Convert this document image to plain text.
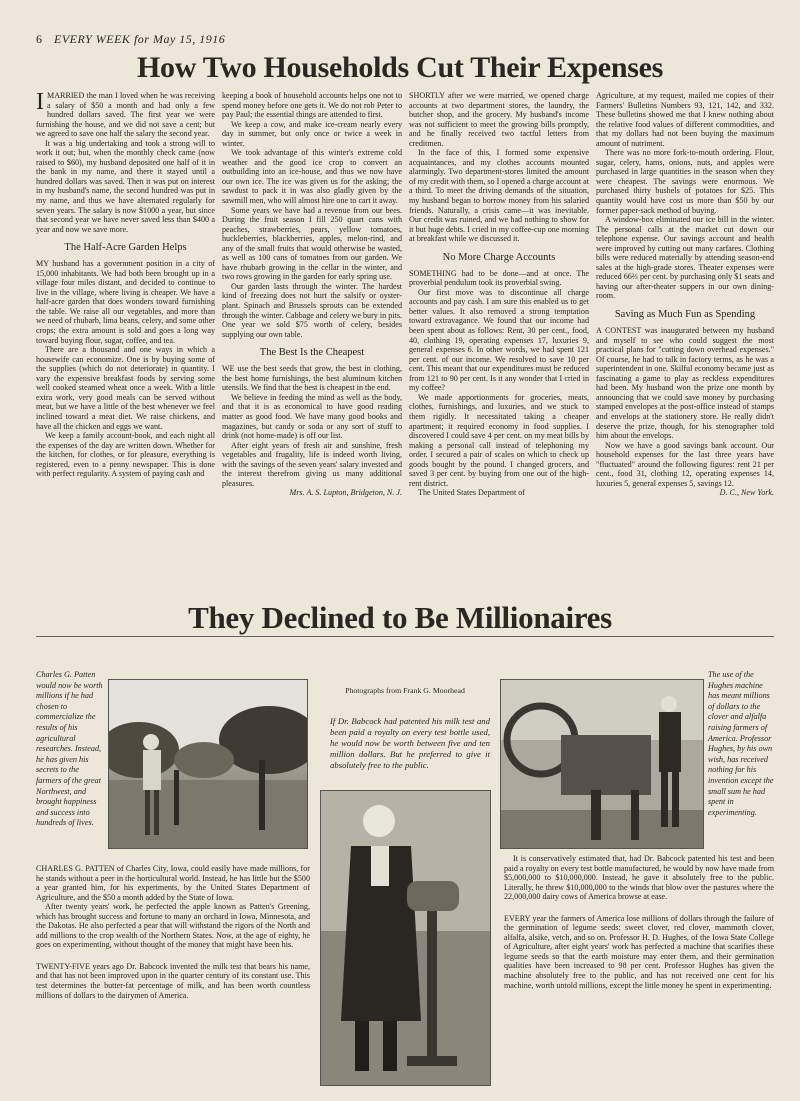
6 EVERY WEEK for May 15, 1916
How Two Households Cut Their Expenses

IMARRIED the man I loved when he was receiving a salary of $50 a month and had only a few hundred dollars saved. The first year we were furnishing the house, and we did not save a cent; but we agreed to save one half the salary the second year.

It was a big undertaking and took a strong will to work it out; but, when the monthly check came (now raised to $60), my husband deposited one half of it in the bank in my name, and there it stayed until a hundred dollars was saved. Then it was put on interest in my husband's name, the second hundred was put in my name, and thus we have alternated regularly for seven years. The salary is now $1000 a year, but since that second year we have never saved less than $400 a year and now we save more.

The Half-Acre Garden Helps

MY husband has a government position in a city of 15,000 inhabitants. We had both been brought up in a village four miles distant, and decided to continue to live in the village, where living is cheaper. We have a half-acre garden that does wonders toward furnishing the table. We raise all our vegetables, and more than we need of rhubarb, lima beans, celery, and some other crops; the extra amount is sold and goes a long way toward buying flour, sugar, coffee, and tea.

There are a thousand and one ways in which a housewife can economize. One is by buying some of the supplies (which do not deteriorate) in quantity. I vary the expensive breakfast foods by serving some well cooked steamed wheat once a week. With a little extra work, very good meals can be served without meat, but we have a little of the best whenever we feel inclined toward a meat diet. We raise chickens, and have all the chicken and eggs we want.

We keep a family account-book, and each night all the expenses of the day are written down. Whether for the kitchen, for clothes, or for pleasure, everything is registered, even to a penny newspaper. This is done with perfect regularity. A system of paying cash and

keeping a book of household accounts helps one not to spend money before one gets it. We do not rob Peter to pay Paul; the essential things are attended to first.

We keep a cow, and make ice-cream nearly every day in summer, but only once or twice a week in winter.

We took advantage of this winter's extreme cold weather and the good ice crop to convert an outbuilding into an ice-house, and thus we now have our own ice. The ice was given us for the asking; the sawdust to pack it in was also gladly given by the sawmill men, who will almost hire one to cart it away.

Some years we have had a revenue from our bees. During the fruit season I fill 250 quart cans with peaches, strawberries, pears, yellow tomatoes, huckleberries, blackberries, apples, melon-rind, and any of the small fruits that would otherwise be wasted, as well as 100 cans of tomatoes from our garden. We have rhubarb growing in the cellar in the winter, and two rows growing in the garden for early spring use.

Our garden lasts through the winter. The hardest kind of freezing does not hurt the salsify or oyster-plant. Spinach and Brussels sprouts can be extended through the winter. Cabbage and celery we bury in pits. One year we sold $75 worth of celery, besides supplying our own table.

The Best Is the Cheapest

WE use the best seeds that grow, the best in clothing, the best home furnishings, the best aluminum kitchen utensils. We find that the best is cheapest in the end.

We believe in feeding the mind as well as the body, and that it is as economical to have good reading matter as good food. We have many good books and magazines, but candy or soda or any sort of stuff to drink (not home-made) is off our list.

After eight years of fresh air and sunshine, fresh vegetables and frugality, life is indeed worth living, with the savings of the seven years' salary invested and the interest therefrom giving us many additional pleasures.

Mrs. A. S. Lupton, Bridgeton, N. J.

SHORTLY after we were married, we opened charge accounts at two department stores, the laundry, the butcher shop, and the grocery. My husband's income was not sufficient to meet the growing bills promptly, and he finally received two tactful letters from creditmen.

In the face of this, I formed some expensive acquaintances, and my clothes accounts mounted alarmingly. Two department-stores limited the amount of my credit with them, so I opened a charge account at a third. To meet the driving demands of the situation, my husband began to borrow money from his salaried friends. Naturally, a crisis came—it was inevitable. Our credit was ruined, and we had nothing to show for it but huge debts. I cried in my coffee-cup one morning at breakfast while we discussed it.

No More Charge Accounts

SOMETHING had to be done—and at once. The proverbial pendulum took its proverbial swing.

Our first move was to discontinue all charge accounts and pay cash. I am sure this enabled us to get better values. It also removed a strong temptation toward extravagance. We found that our income had been spent about as follows: Rent, 30 per cent., food, 40, clothing 19, operating expenses 17, luxuries 9, general expenses 6. In other words, we had spent 121 per cent. of our income. We resolved to save 10 per cent. This meant that our expenditures must be reduced from 121 to 90 per cent. Is it any wonder that I cried in my coffee?

We made apportionments for groceries, meats, clothes, furnishings, and luxuries, and we stuck to them rigidly. It necessitated taking a cheaper apartment; it required economy in food supplies. I discovered I could save 4 per cent. on my meat bills by making a personal call instead of telephoning my order. I secured a pair of scales on which to check up goods bought by the pound. I changed grocers, and saved 3 per cent. by buying from one out of the high-rent district.

The United States Department of

Agriculture, at my request, mailed me copies of their Farmers' Bulletins Numbers 93, 121, 142, and 332. These bulletins showed me that I knew nothing about the relative food values of different commodities, and that my dollars had not been buying the maximum amount of nutriment.

There was no more fork-to-mouth ordering. Flour, sugar, celery, hams, onions, nuts, and apples were purchased in large quantities in the season when they were cheapest. The savings were enormous. We purchased thirty bushels of potatoes for $25. This quantity would have cost us more than $50 by our former paper-sack method of buying.

A window-box eliminated our ice bill in the winter. The personal calls at the market cut down our telephone expense. Our savings account and health were improved by cutting out many carfares. Clothing bills were reduced materially by attending season-end sales at the high-grade stores. Theater expenses were reduced 66⅔ per cent. by purchasing only $1 seats and having our after-theater suppers in our own dining-room.

Saving as Much Fun as Spending

A CONTEST was inaugurated between my husband and myself to see who could suggest the most practical plans for "cutting down overhead expenses." Of course, he had to talk in factory terms, as he was a superintendent in one. Skilful economy became just as fascinating a game to play as reckless expenditures had been. My husband won the prize one month by announcing that we could save money by purchasing stamped envelopes at the post-office instead of stamps and envelops at the stationery store. He really didn't deserve the prize, though, for his stenographer told him about the envelops.

Now we have a good savings bank account. Our household expenses for the last three years have "fluctuated" around the following figures: rent 21 per cent., food 31, clothing 12, operating expenses 14, luxuries 5, general expenses 5, savings 12.

D. C., New York.

They Declined to Be Millionaires
Charles G. Patten would now be worth millions if he had chosen to commercialize the results of his agricultural researches. Instead, he has given his secrets to the farmers of the great Northwest, and brought happiness and success into hundreds of lives.
Photographs from Frank G. Moorhead
If Dr. Babcock had patented his milk test and been paid a royalty on every test bottle used, he would now be worth between five and ten million dollars. But he preferred to give it absolutely free to the public.
The use of the Hughes machine has meant millions of dollars to the clover and alfalfa raising farmers of America. Professor Hughes, by his own wish, has received nothing for his invention except the small sum he had spent in experimenting.

CHARLES G. PATTEN of Charles City, Iowa, could easily have made millions, for he stands without a peer in the horticultural world. Instead, he has little but the $500 a year granted him, for his experiments, by the United States Department of Agriculture, and the $50 a month added by the State of Iowa.

After twenty years' work, he perfected the apple known as Patten's Greening, which has brought success and fortune to many an orchard in Iowa, Minnesota, and the Dakotas. He also perfected a pear that will withstand the rigors of the North and add millions to the crop wealth of the Northern States. Now, at the age of eighty, he goes on experimenting, without thought of the money that might have been his.

TWENTY-FIVE years ago Dr. Babcock invented the milk test that bears his name, and that has not been improved upon in the quarter century of its constant use. This test determines the butter-fat percentage of milk, and has been worth countless millions of dollars to the dairymen of America.

It is conservatively estimated that, had Dr. Babcock patented his test and been paid a royalty on every test bottle manufactured, he would by now have made from $5,000,000 to $10,000,000. Instead, he gave it absolutely free to the public. Literally, he threw $10,000,000 to the winds that blow over the pastures where the 22,000,000 dairy cows of America browse at ease.

EVERY year the farmers of America lose millions of dollars through the failure of the germination of legume seeds: sweet clover, red clover, mammoth clover, alfalfa, alsike, vetch, and so on. Professor H. D. Hughes, of the Iowa State College of Agriculture, after eight years' work has perfected a machine that scarifies these legume seeds so that the earth moisture may enter them, and their germination qualities have been increased to 98 per cent. Professor Hughes has given the machine absolutely free to the public, and has not received one cent for his machine, worth untold millions, except the little money he spent in experimenting.
